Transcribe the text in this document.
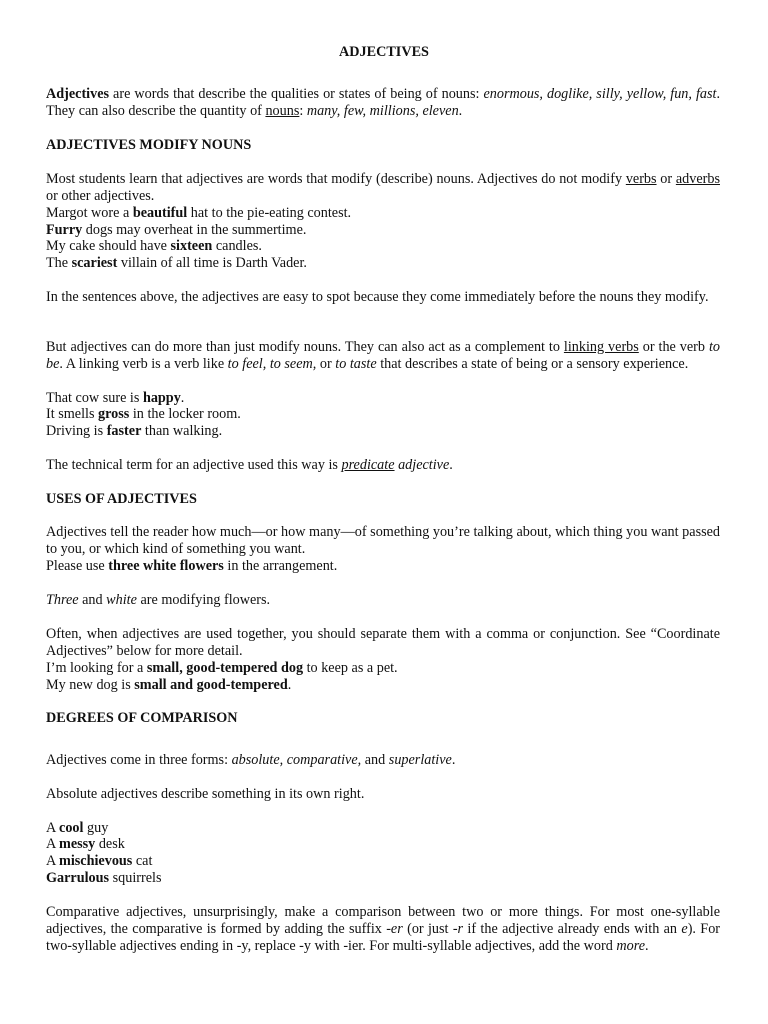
ADJECTIVES

Adjectives are words that describe the qualities or states of being of nouns: enormous, doglike, silly, yellow, fun, fast. They can also describe the quantity of nouns: many, few, millions, eleven.

ADJECTIVES MODIFY NOUNS

Most students learn that adjectives are words that modify (describe) nouns. Adjectives do not modify verbs or adverbs or other adjectives.

Margot wore a beautiful hat to the pie-eating contest.

Furry dogs may overheat in the summertime.

My cake should have sixteen candles.

The scariest villain of all time is Darth Vader.

In the sentences above, the adjectives are easy to spot because they come immediately before the nouns they modify.

But adjectives can do more than just modify nouns. They can also act as a complement to linking verbs or the verb to be. A linking verb is a verb like to feel, to seem, or to taste that describes a state of being or a sensory experience.

That cow sure is happy.

It smells gross in the locker room.

Driving is faster than walking.

The technical term for an adjective used this way is predicate adjective.

USES OF ADJECTIVES

Adjectives tell the reader how much—or how many—of something you’re talking about, which thing you want passed to you, or which kind of something you want.

Please use three white flowers in the arrangement.

Three and white are modifying flowers.

Often, when adjectives are used together, you should separate them with a comma or conjunction. See “Coordinate Adjectives” below for more detail.

I’m looking for a small, good-tempered dog to keep as a pet.

My new dog is small and good-tempered.

DEGREES OF COMPARISON

Adjectives come in three forms: absolute, comparative, and superlative.

Absolute adjectives describe something in its own right.

A cool guy

A messy desk

A mischievous cat

Garrulous squirrels

Comparative adjectives, unsurprisingly, make a comparison between two or more things. For most one-syllable adjectives, the comparative is formed by adding the suffix -er (or just -r if the adjective already ends with an e). For two-syllable adjectives ending in -y, replace -y with -ier. For multi-syllable adjectives, add the word more.
